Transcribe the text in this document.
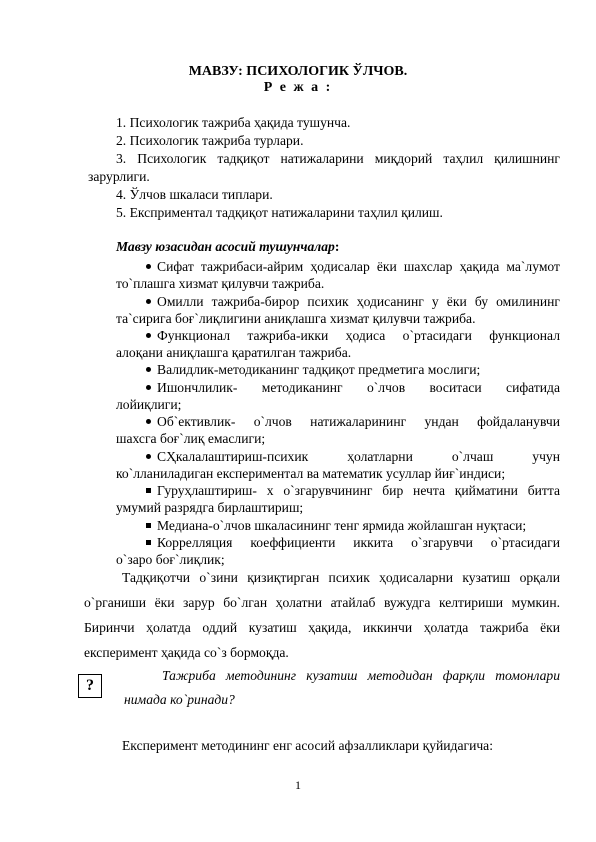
МАВЗУ: ПСИХОЛОГИК ЎЛЧОВ.
Р е ж а :
1. Психологик тажриба ҳақида тушунча.
2. Психологик тажриба турлари.
3. Психологик тадқиқот натижаларини миқдорий таҳлил қилишнинг
зарурлиги.
4. Ўлчов шкаласи типлари.
5. Експриментал тадқиқот натижаларини таҳлил қилиш.
Мавзу юзасидан асосий тушунчалар:
Сифат тажрибаси-айрим ҳодисалар ёки шахслар ҳақида ма`лумот
то`плашга хизмат қилувчи тажриба.
Омилли тажриба-бирор психик ҳодисанинг у ёки бу омилининг
та`сирига боғ`лиқлигини аниқлашга хизмат қилувчи тажриба.
Функционал тажриба-икки ҳодиса о`ртасидаги функционал
алоқани аниқлашга қаратилган тажриба.
Валидлик-методиканинг тадқиқот предметига мослиги;
Ишончлилик- методиканинг о`лчов воситаси сифатида
лойиқлиги;
Об`ективлик- о`лчов натижаларининг ундан фойдаланувчи
шахсга боғ`лиқ емаслиги;
СҲкалалаштириш-психик ҳолатларни о`лчаш учун
ко`лланиладиган експериментал ва математик усуллар йиғ`индиси;
Гуруҳлаштириш- х о`згарувчининг бир нечта қийматини битта
умумий разрядга бирлаштириш;
Медиана-о`лчов шкаласининг тенг ярмида жойлашган нуқтаси;
Коррелляция коеффициенти иккита о`згарувчи о`ртасидаги
о`заро боғ`лиқлик;
Тадқиқотчи о`зини қизиқтирган психик ҳодисаларни кузатиш орқали
о`рганиши ёки зарур бо`лган ҳолатни атайлаб вужудга келтириши мумкин.
Биринчи ҳолатда оддий кузатиш ҳақида, иккинчи ҳолатда тажриба ёки
експеримент ҳақида со`з бормоқда.
?
Тажриба методининг кузатиш методидан фарқли томонлари
нимада ко`ринади?
Експеримент методининг енг асосий афзалликлари қуйидагича:
1
